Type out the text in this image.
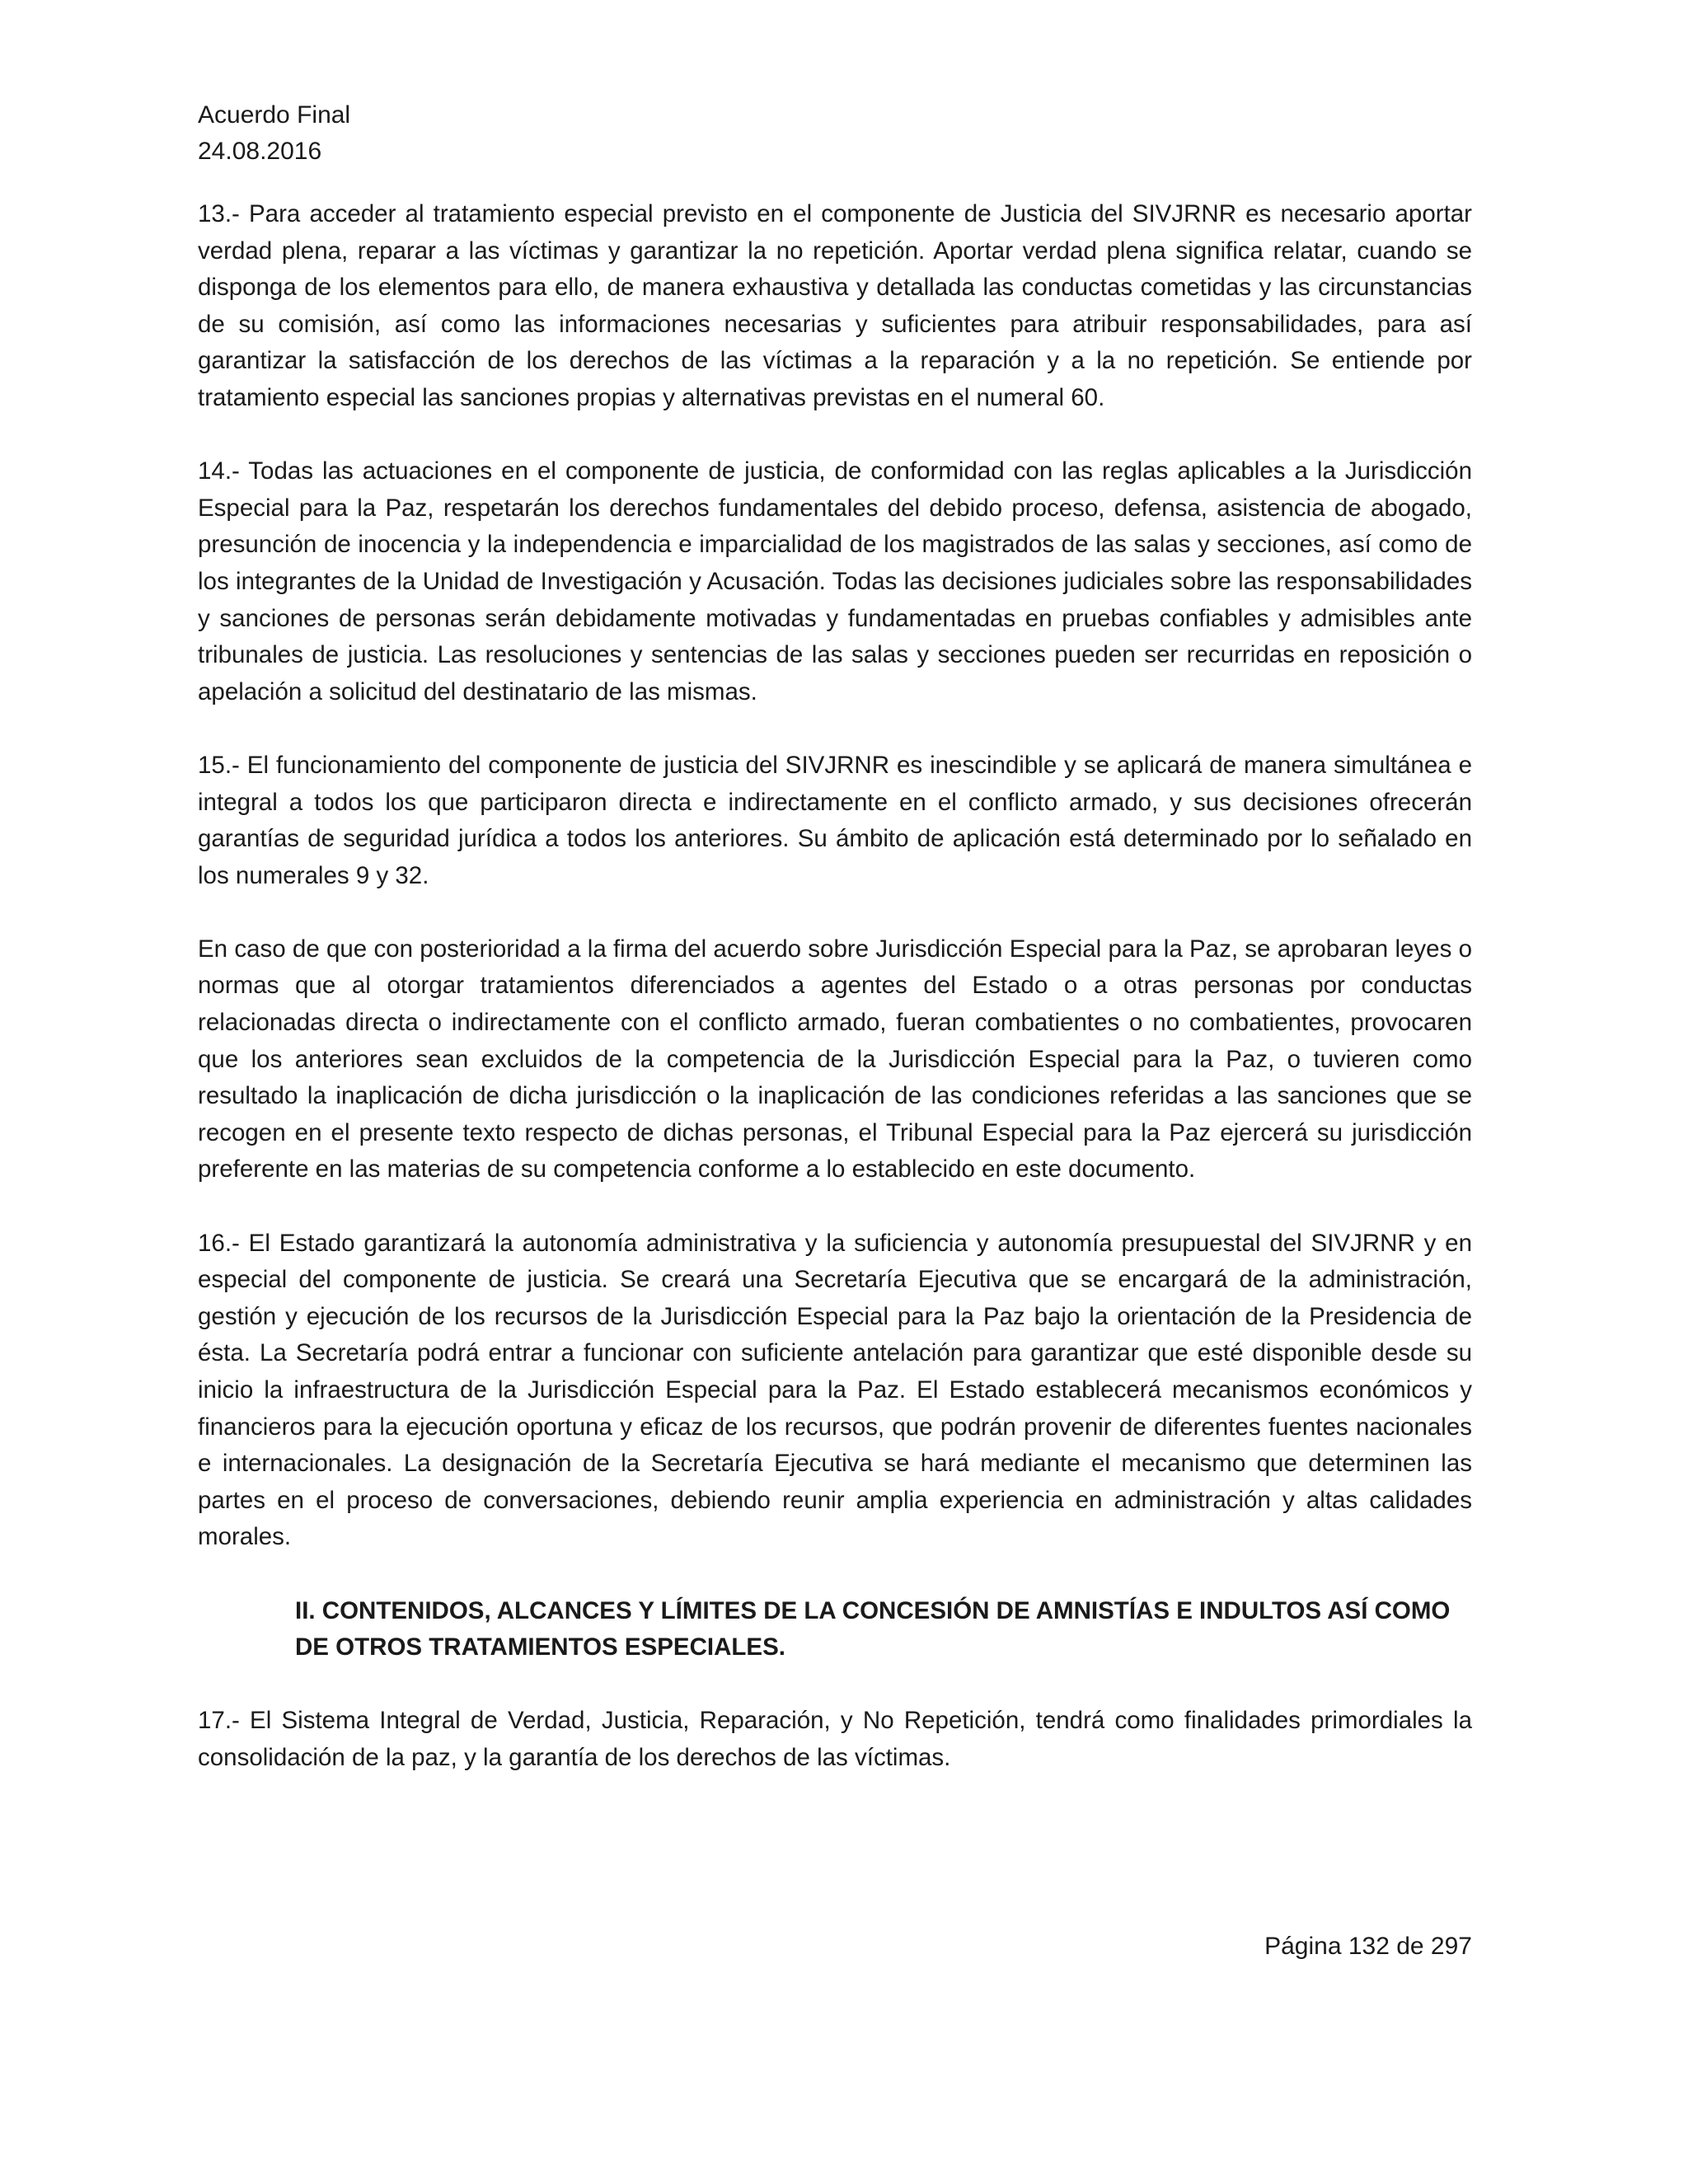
Acuerdo Final
24.08.2016

13.- Para acceder al tratamiento especial previsto en el componente de Justicia del SIVJRNR es necesario aportar verdad plena, reparar a las víctimas y garantizar la no repetición. Aportar verdad plena significa relatar, cuando se disponga de los elementos para ello, de manera exhaustiva y detallada las conductas cometidas y las circunstancias de su comisión, así como las informaciones necesarias y suficientes para atribuir responsabilidades, para así garantizar la satisfacción de los derechos de las víctimas a la reparación y a la no repetición. Se entiende por tratamiento especial las sanciones propias y alternativas previstas en el numeral 60.

14.- Todas las actuaciones en el componente de justicia, de conformidad con las reglas aplicables a la Jurisdicción Especial para la Paz, respetarán los derechos fundamentales del debido proceso, defensa, asistencia de abogado, presunción de inocencia y la independencia e imparcialidad de los magistrados de las salas y secciones, así como de los integrantes de la Unidad de Investigación y Acusación. Todas las decisiones judiciales sobre las responsabilidades y sanciones de personas serán debidamente motivadas y fundamentadas en pruebas confiables y admisibles ante tribunales de justicia. Las resoluciones y sentencias de las salas y secciones pueden ser recurridas en reposición o apelación a solicitud del destinatario de las mismas.

15.- El funcionamiento del componente de justicia del SIVJRNR es inescindible y se aplicará de manera simultánea e integral a todos los que participaron directa e indirectamente en el conflicto armado, y sus decisiones ofrecerán garantías de seguridad jurídica a todos los anteriores. Su ámbito de aplicación está determinado por lo señalado en los numerales 9 y 32.

En caso de que con posterioridad a la firma del acuerdo sobre Jurisdicción Especial para la Paz, se aprobaran leyes o normas que al otorgar tratamientos diferenciados a agentes del Estado o a otras personas por conductas relacionadas directa o indirectamente con el conflicto armado, fueran combatientes o no combatientes, provocaren que los anteriores sean excluidos de la competencia de la Jurisdicción Especial para la Paz, o tuvieren como resultado la inaplicación de dicha jurisdicción o la inaplicación de las condiciones referidas a las sanciones que se recogen en el presente texto respecto de dichas personas, el Tribunal Especial para la Paz ejercerá su jurisdicción preferente en las materias de su competencia conforme a lo establecido en este documento.

16.- El Estado garantizará la autonomía administrativa y la suficiencia y autonomía presupuestal del SIVJRNR y en especial del componente de justicia. Se creará una Secretaría Ejecutiva que se encargará de la administración, gestión y ejecución de los recursos de la Jurisdicción Especial para la Paz bajo la orientación de la Presidencia de ésta. La Secretaría podrá entrar a funcionar con suficiente antelación para garantizar que esté disponible desde su inicio la infraestructura de la Jurisdicción Especial para la Paz. El Estado establecerá mecanismos económicos y financieros para la ejecución oportuna y eficaz de los recursos, que podrán provenir de diferentes fuentes nacionales e internacionales. La designación de la Secretaría Ejecutiva se hará mediante el mecanismo que determinen las partes en el proceso de conversaciones, debiendo reunir amplia experiencia en administración y altas calidades morales.

II. CONTENIDOS, ALCANCES Y LÍMITES DE LA CONCESIÓN DE AMNISTÍAS E INDULTOS ASÍ COMO DE OTROS TRATAMIENTOS ESPECIALES.

17.- El Sistema Integral de Verdad, Justicia, Reparación, y No Repetición, tendrá como finalidades primordiales la consolidación de la paz, y la garantía de los derechos de las víctimas.

Página 132 de 297
